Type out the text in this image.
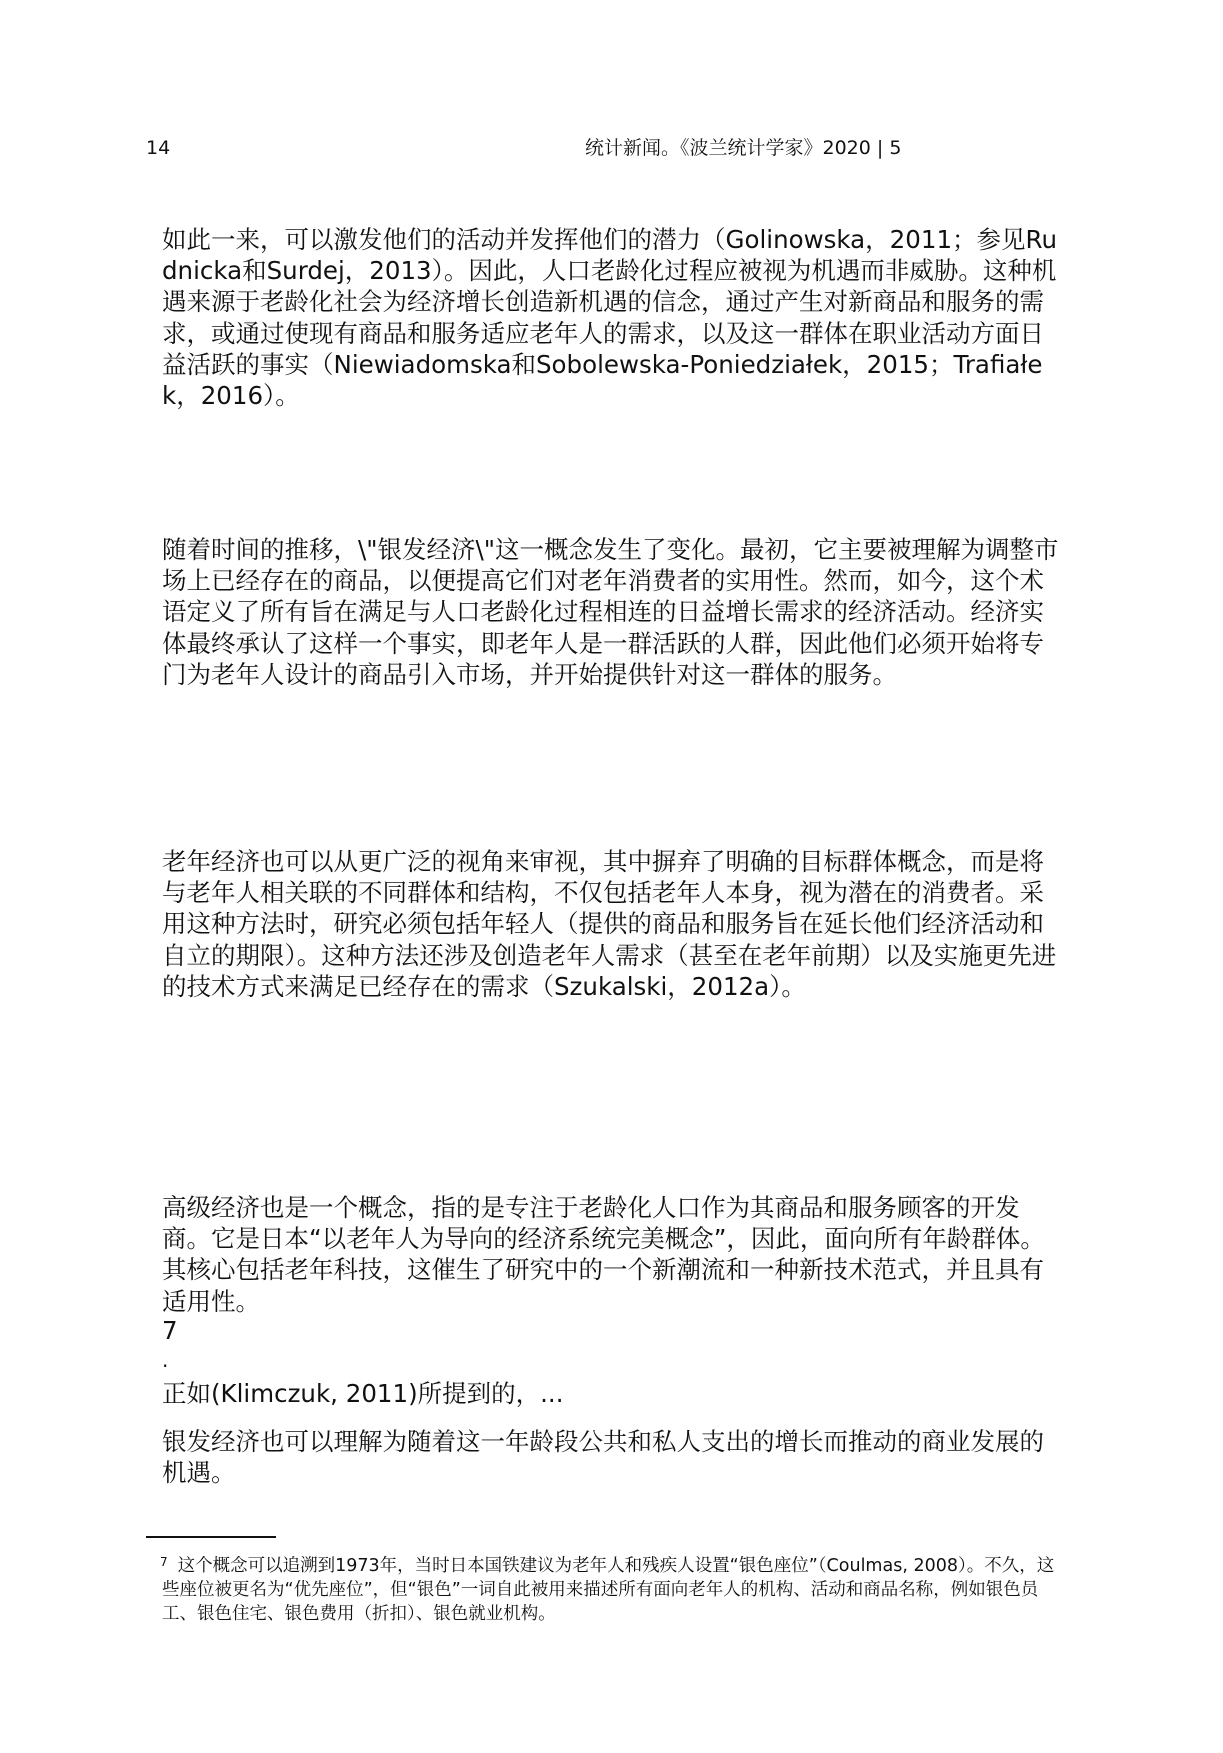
14	统计新闻。《波兰统计学家》2020 | 5

如此一来，可以激发他们的活动并发挥他们的潜力（Golinowska，2011；参见Rudnicka和Surdej，2013）。因此，人口老龄化过程应被视为机遇而非威胁。这种机遇来源于老龄化社会为经济增长创造新机遇的信念，通过产生对新商品和服务的需求，或通过使现有商品和服务适应老年人的需求，以及这一群体在职业活动方面日益活跃的事实（Niewiadomska和Sobolewska-Poniedziałek，2015；Trafiałek，2016）。

随着时间的推移，\"银发经济\"这一概念发生了变化。最初，它主要被理解为调整市场上已经存在的商品，以便提高它们对老年消费者的实用性。然而，如今，这个术语定义了所有旨在满足与人口老龄化过程相连的日益增长需求的经济活动。经济实体最终承认了这样一个事实，即老年人是一群活跃的人群，因此他们必须开始将专门为老年人设计的商品引入市场，并开始提供针对这一群体的服务。

老年经济也可以从更广泛的视角来审视，其中摒弃了明确的目标群体概念，而是将与老年人相关联的不同群体和结构，不仅包括老年人本身，视为潜在的消费者。采用这种方法时，研究必须包括年轻人（提供的商品和服务旨在延长他们经济活动和自立的期限）。这种方法还涉及创造老年人需求（甚至在老年前期）以及实施更先进的技术方式来满足已经存在的需求（Szukalski，2012a）。

高级经济也是一个概念，指的是专注于老龄化人口作为其商品和服务顾客的开发商。它是日本“以老年人为导向的经济系统完美概念”，因此，面向所有年龄群体。其核心包括老年科技，这催生了研究中的一个新潮流和一种新技术范式，并且具有适用性。

7
.
正如(Klimczuk, 2011)所提到的，...

银发经济也可以理解为随着这一年龄段公共和私人支出的增长而推动的商业发展的机遇。

$^7$ 这个概念可以追溯到1973年，当时日本国铁建议为老年人和残疾人设置“银色座位”（Coulmas, 2008）。不久，这些座位被更名为“优先座位”，但“银色”一词自此被用来描述所有面向老年人的机构、活动和商品名称，例如银色员工、银色住宅、银色费用（折扣）、银色就业机构。
